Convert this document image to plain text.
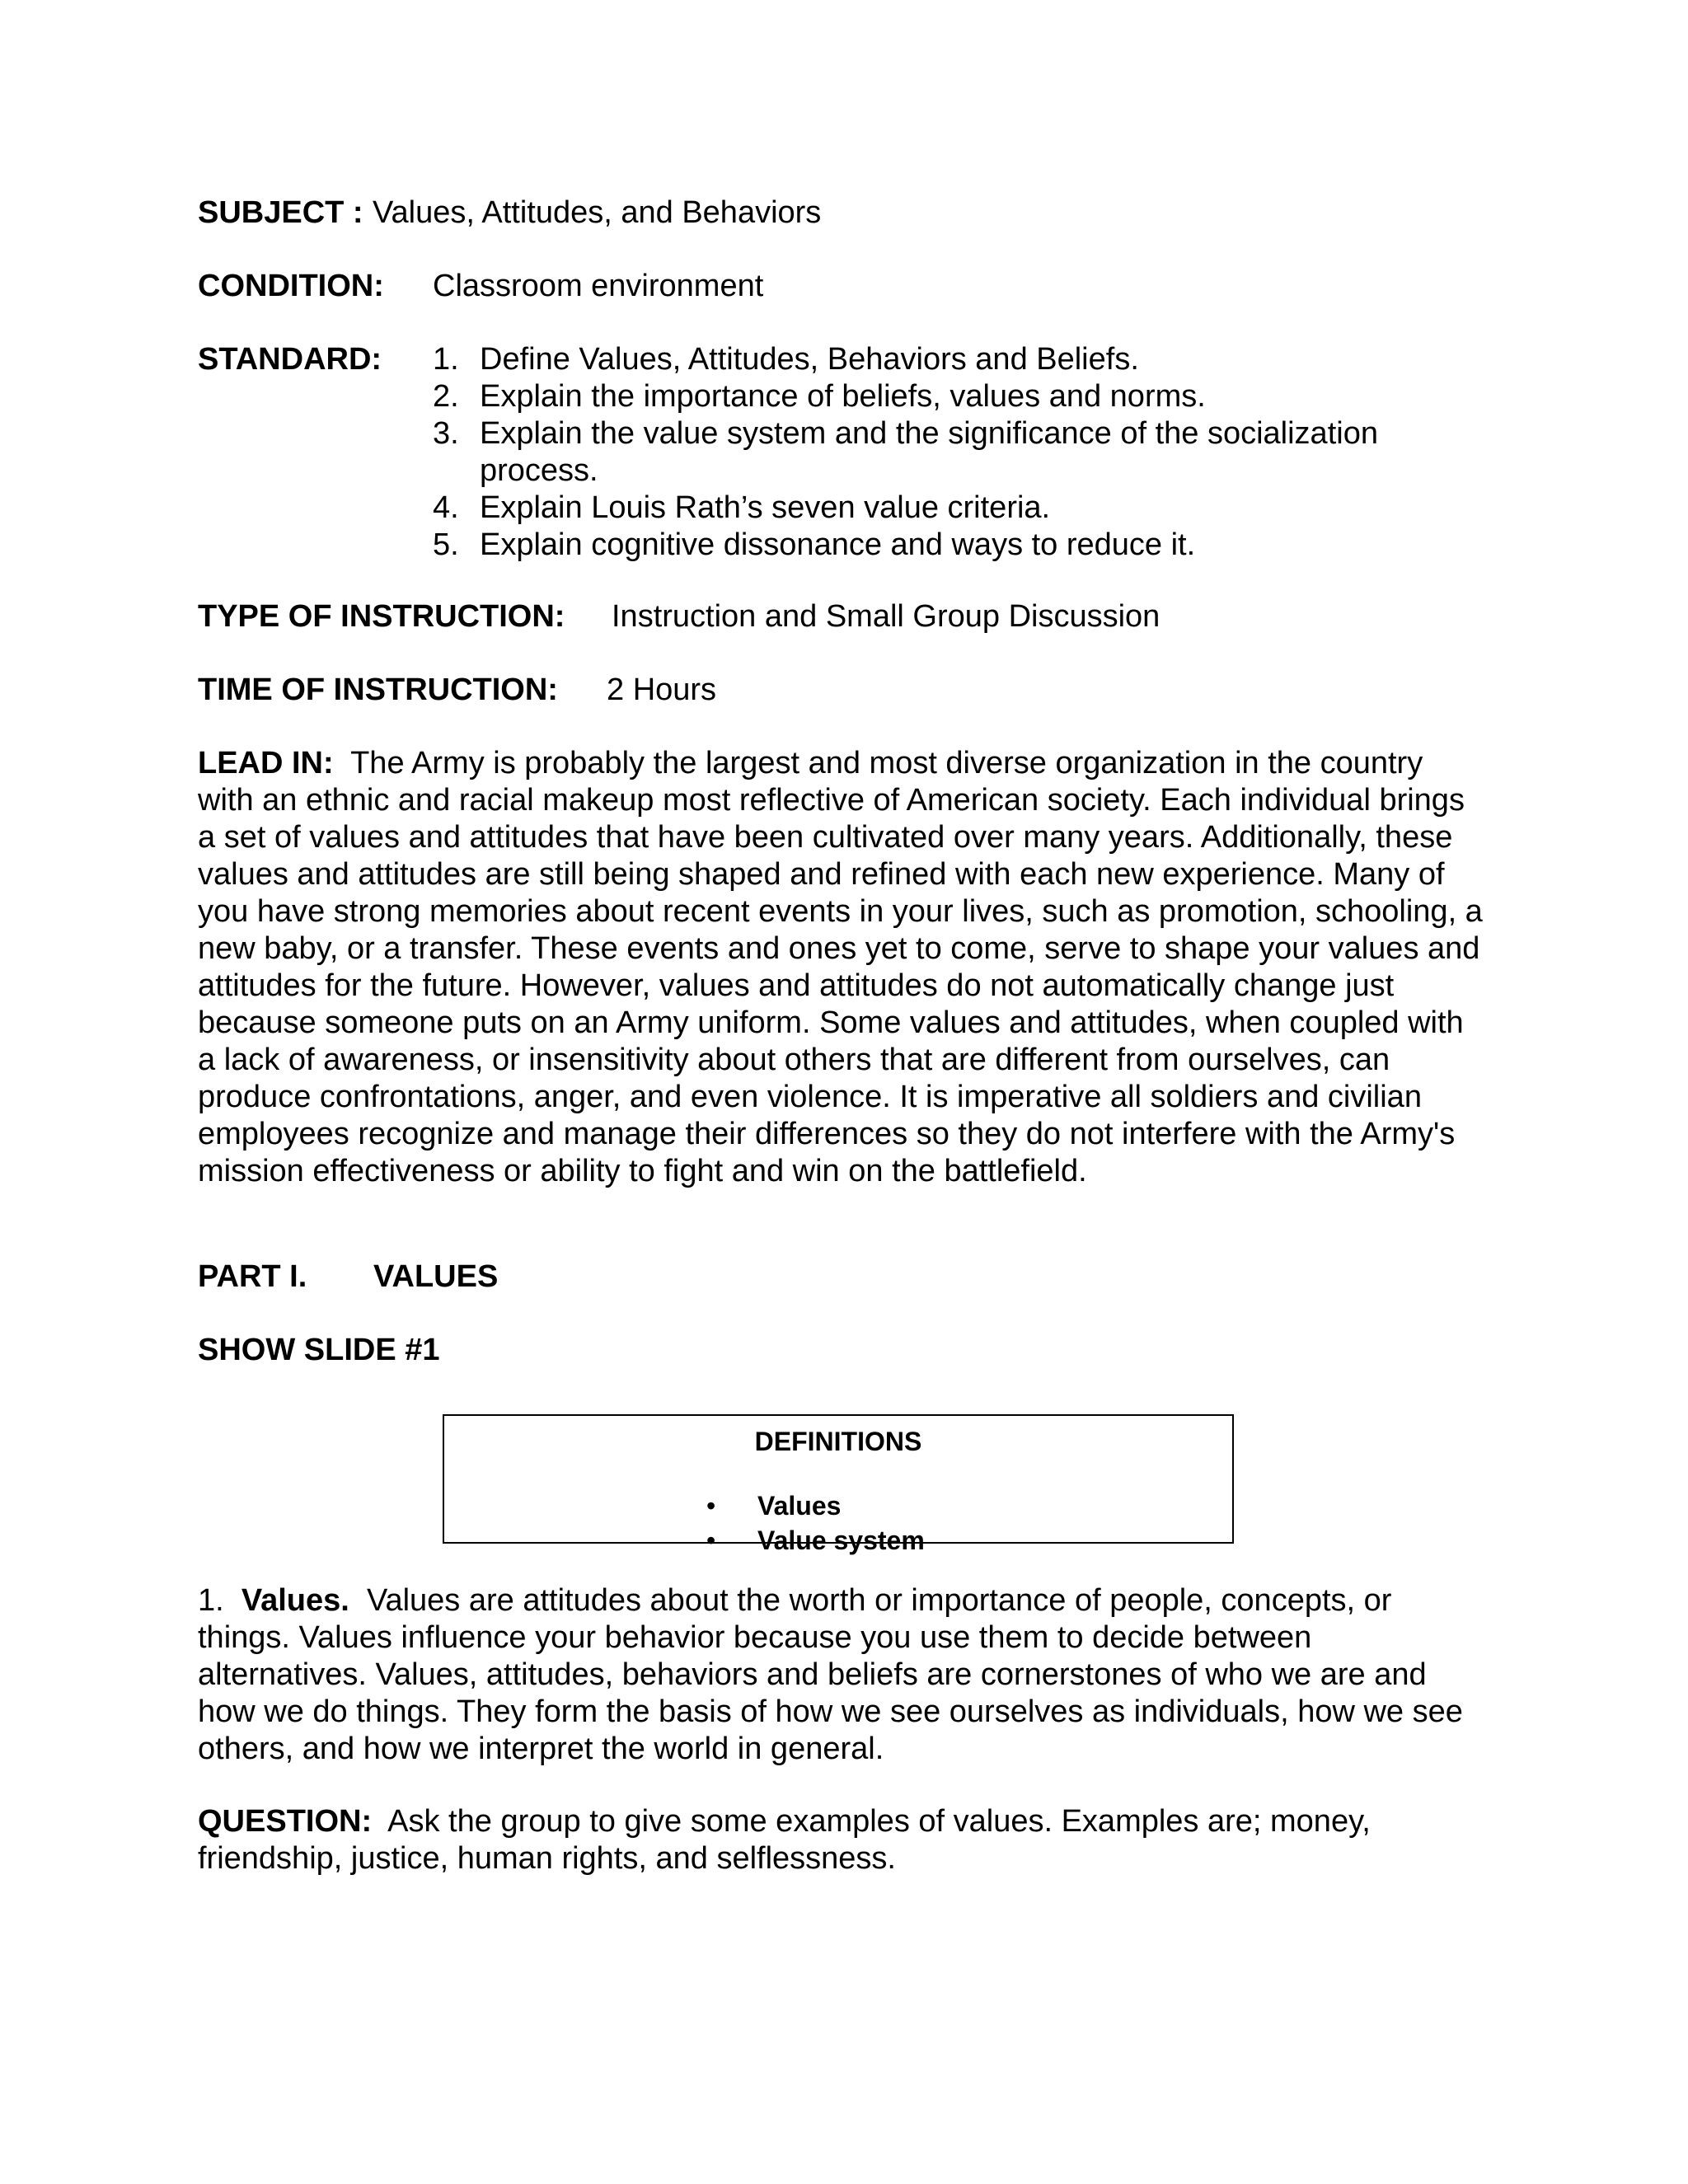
SUBJECT : Values, Attitudes, and Behaviors
CONDITION: Classroom environment
STANDARD: 1. Define Values, Attitudes, Behaviors and Beliefs.
2. Explain the importance of beliefs, values and norms.
3. Explain the value system and the significance of the socialization process.
4. Explain Louis Rath’s seven value criteria.
5. Explain cognitive dissonance and ways to reduce it.
TYPE OF INSTRUCTION: Instruction and Small Group Discussion
TIME OF INSTRUCTION: 2 Hours

LEAD IN: The Army is probably the largest and most diverse organization in the country with an ethnic and racial makeup most reflective of American society. Each individual brings a set of values and attitudes that have been cultivated over many years. Additionally, these values and attitudes are still being shaped and refined with each new experience. Many of you have strong memories about recent events in your lives, such as promotion, schooling, a new baby, or a transfer. These events and ones yet to come, serve to shape your values and attitudes for the future. However, values and attitudes do not automatically change just because someone puts on an Army uniform. Some values and attitudes, when coupled with a lack of awareness, or insensitivity about others that are different from ourselves, can produce confrontations, anger, and even violence. It is imperative all soldiers and civilian employees recognize and manage their differences so they do not interfere with the Army's mission effectiveness or ability to fight and win on the battlefield.

PART I. VALUES
SHOW SLIDE #1
DEFINITIONS
• Values
• Value system

1. Values. Values are attitudes about the worth or importance of people, concepts, or things. Values influence your behavior because you use them to decide between alternatives. Values, attitudes, behaviors and beliefs are cornerstones of who we are and how we do things. They form the basis of how we see ourselves as individuals, how we see others, and how we interpret the world in general.

QUESTION: Ask the group to give some examples of values. Examples are; money, friendship, justice, human rights, and selflessness.
